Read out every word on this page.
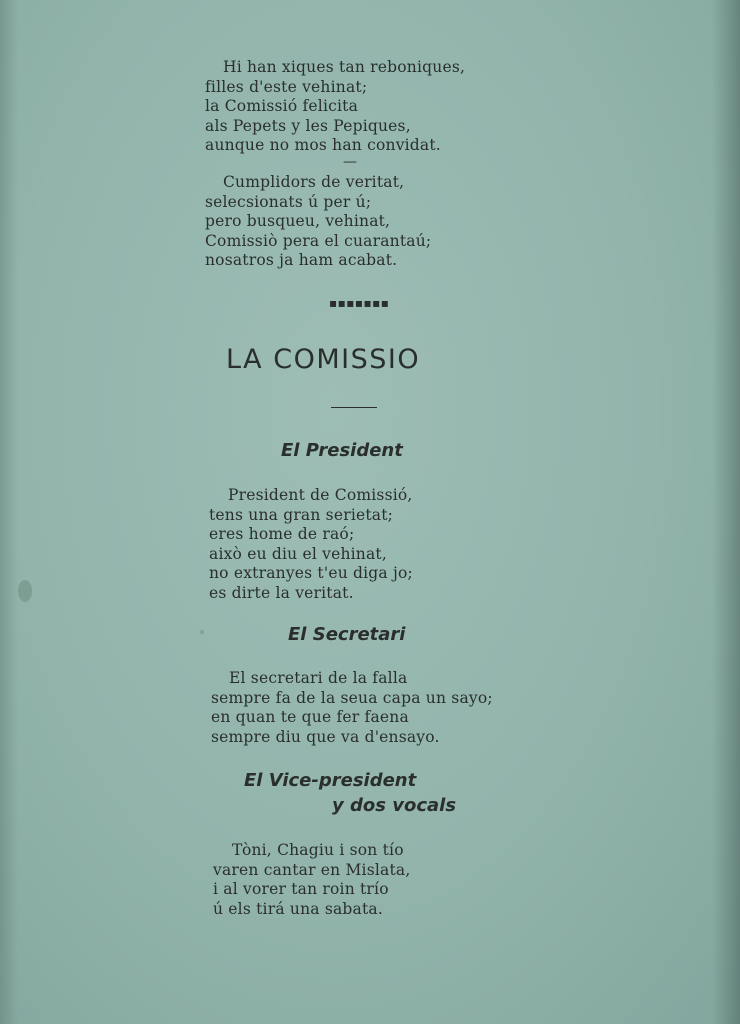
Hi han xiques tan reboniques,
filles d'este vehinat;
la Comissió felicita
als Pepets y les Pepiques,
aunque no mos han convidat.
—
Cumplidors de veritat,
selecsionats ú per ú;
pero busqueu, vehinat,
Comissiò pera el cuarantaú;
nosatros ja ham acabat.
▪▪▪▪▪▪▪
LA COMISSIO
El President
President de Comissió,
tens una gran serietat;
eres home de raó;
això eu diu el vehinat,
no extranyes t'eu diga jo;
es dirte la veritat.
El Secretari
El secretari de la falla
sempre fa de la seua capa un sayo;
en quan te que fer faena
sempre diu que va d'ensayo.
El Vice-president
y dos vocals
Tòni, Chagiu i son tío
varen cantar en Mislata,
i al vorer tan roin trío
ú els tirá una sabata.
